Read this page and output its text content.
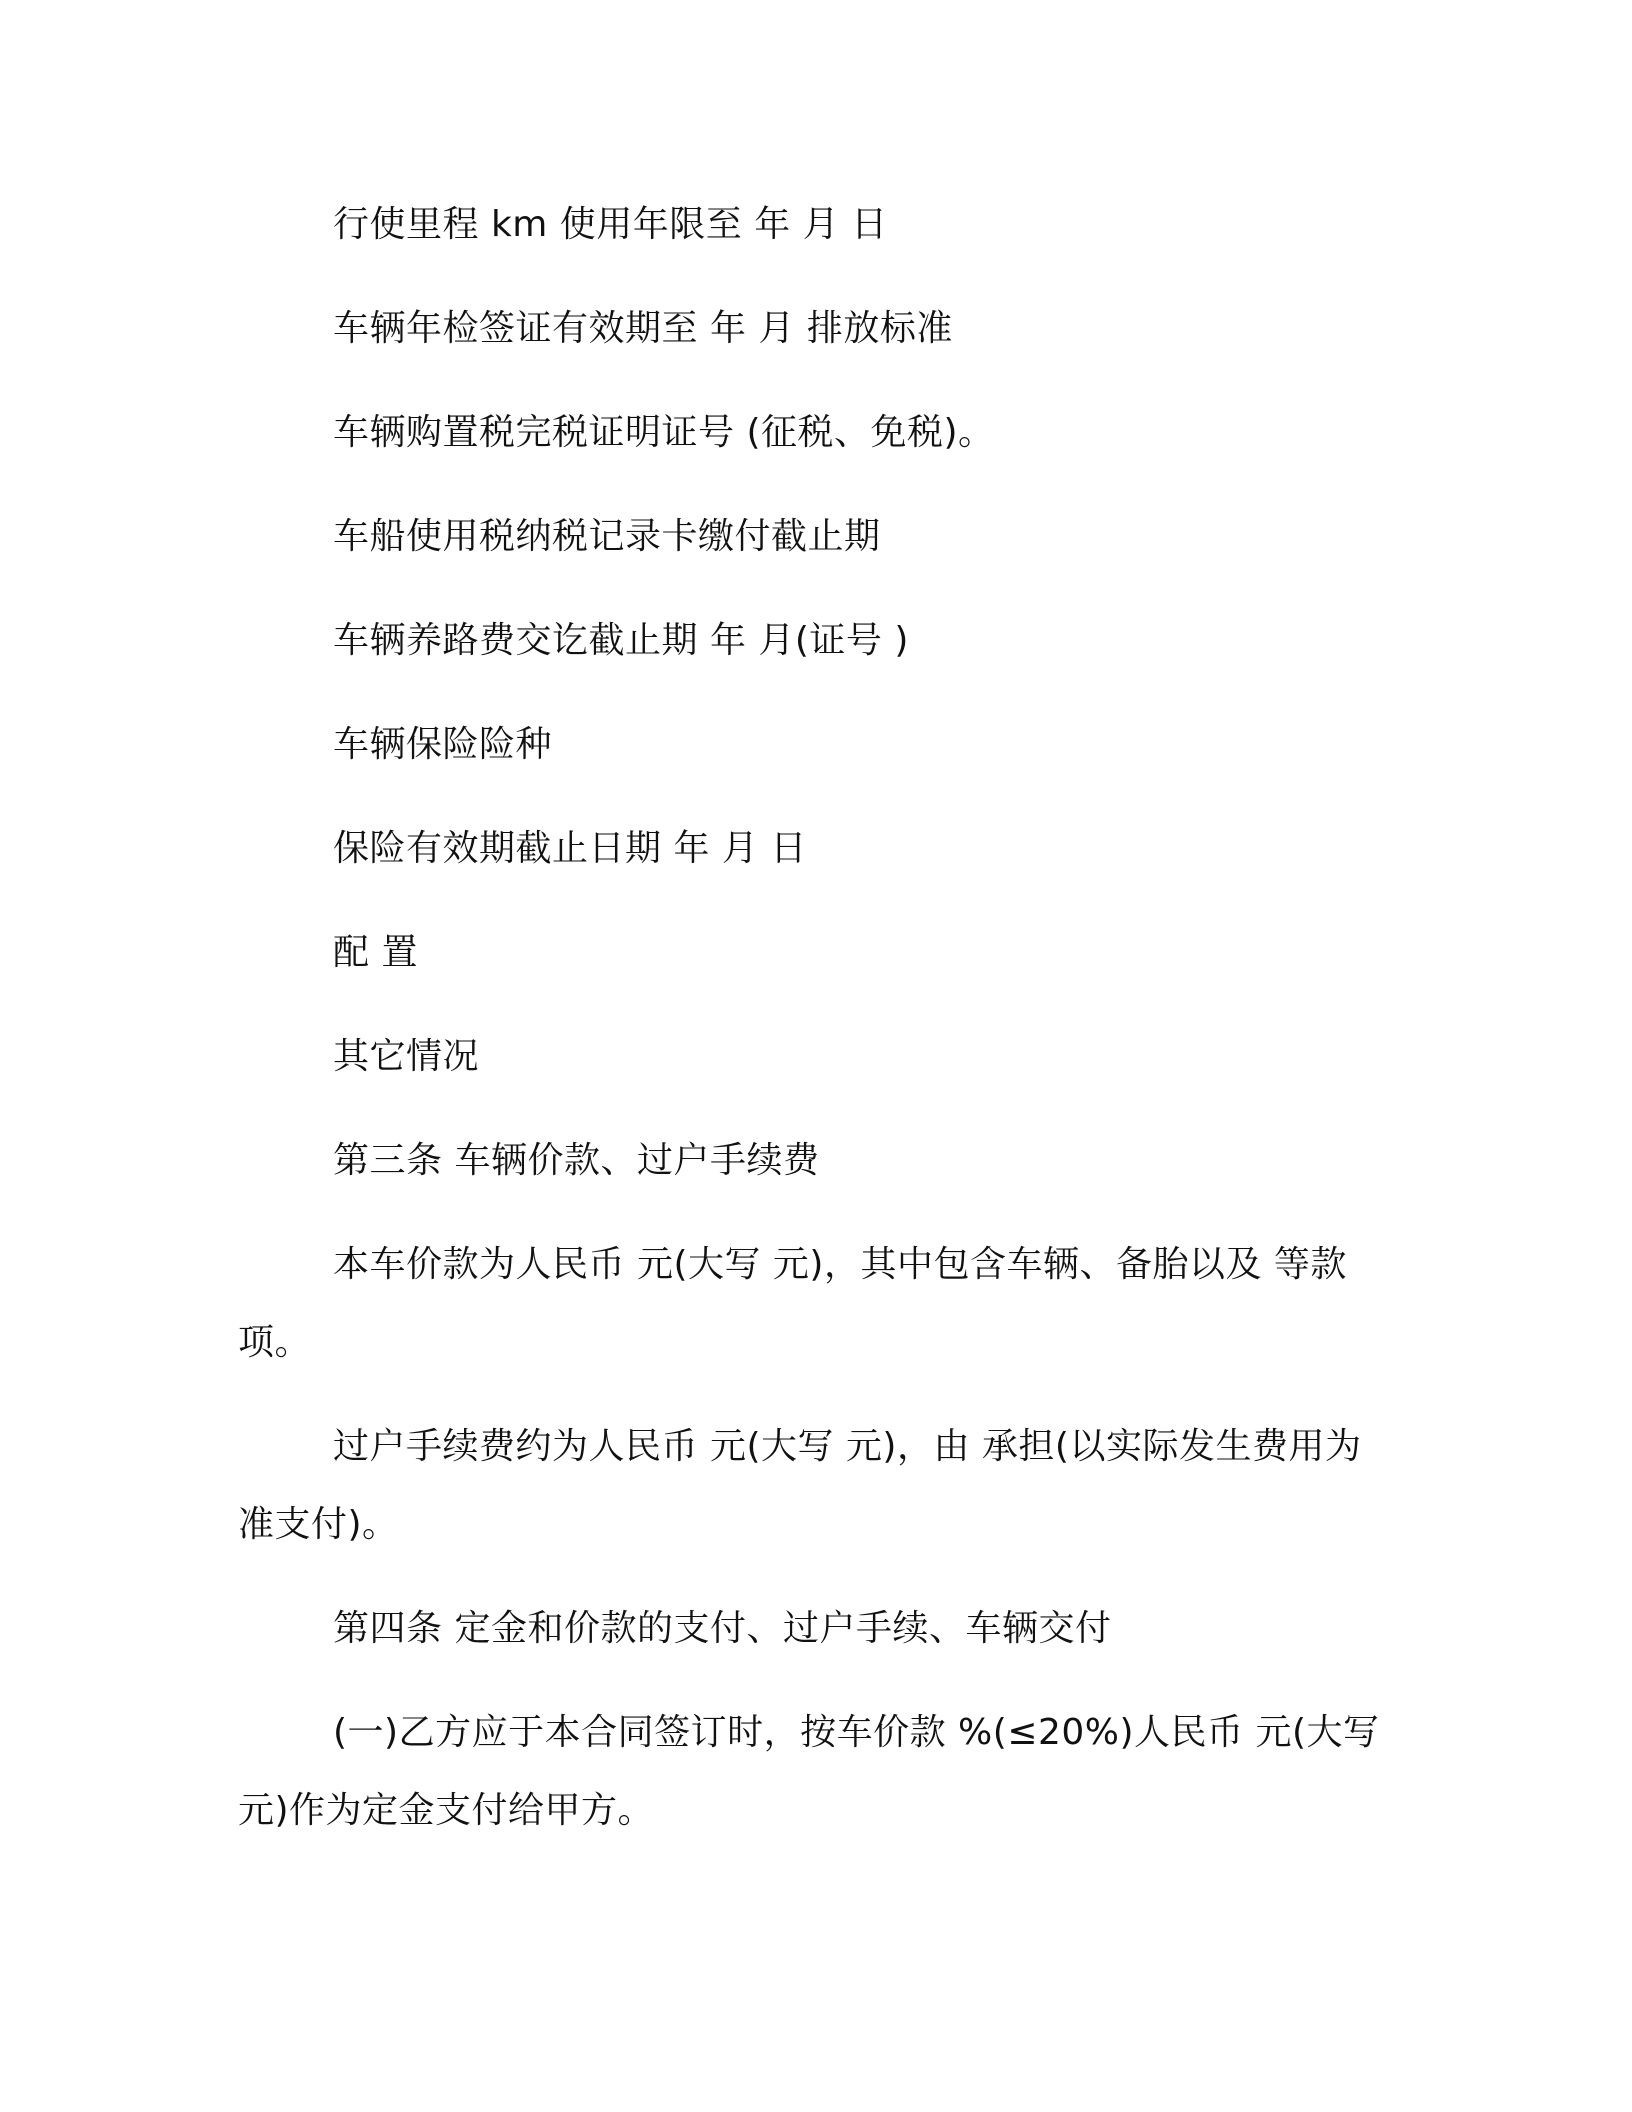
行使里程 km 使用年限至 年 月 日

车辆年检签证有效期至 年 月 排放标准

车辆购置税完税证明证号 (征税、免税)。

车船使用税纳税记录卡缴付截止期

车辆养路费交讫截止期 年 月(证号 )

车辆保险险种

保险有效期截止日期 年 月 日

配 置

其它情况

第三条 车辆价款、过户手续费

本车价款为人民币 元(大写 元)，其中包含车辆、备胎以及 等款
项。
过户手续费约为人民币 元(大写 元)，由 承担(以实际发生费用为
准支付)。

第四条 定金和价款的支付、过户手续、车辆交付

(一)乙方应于本合同签订时，按车价款 %(≤20%)人民币 元(大写
元)作为定金支付给甲方。
